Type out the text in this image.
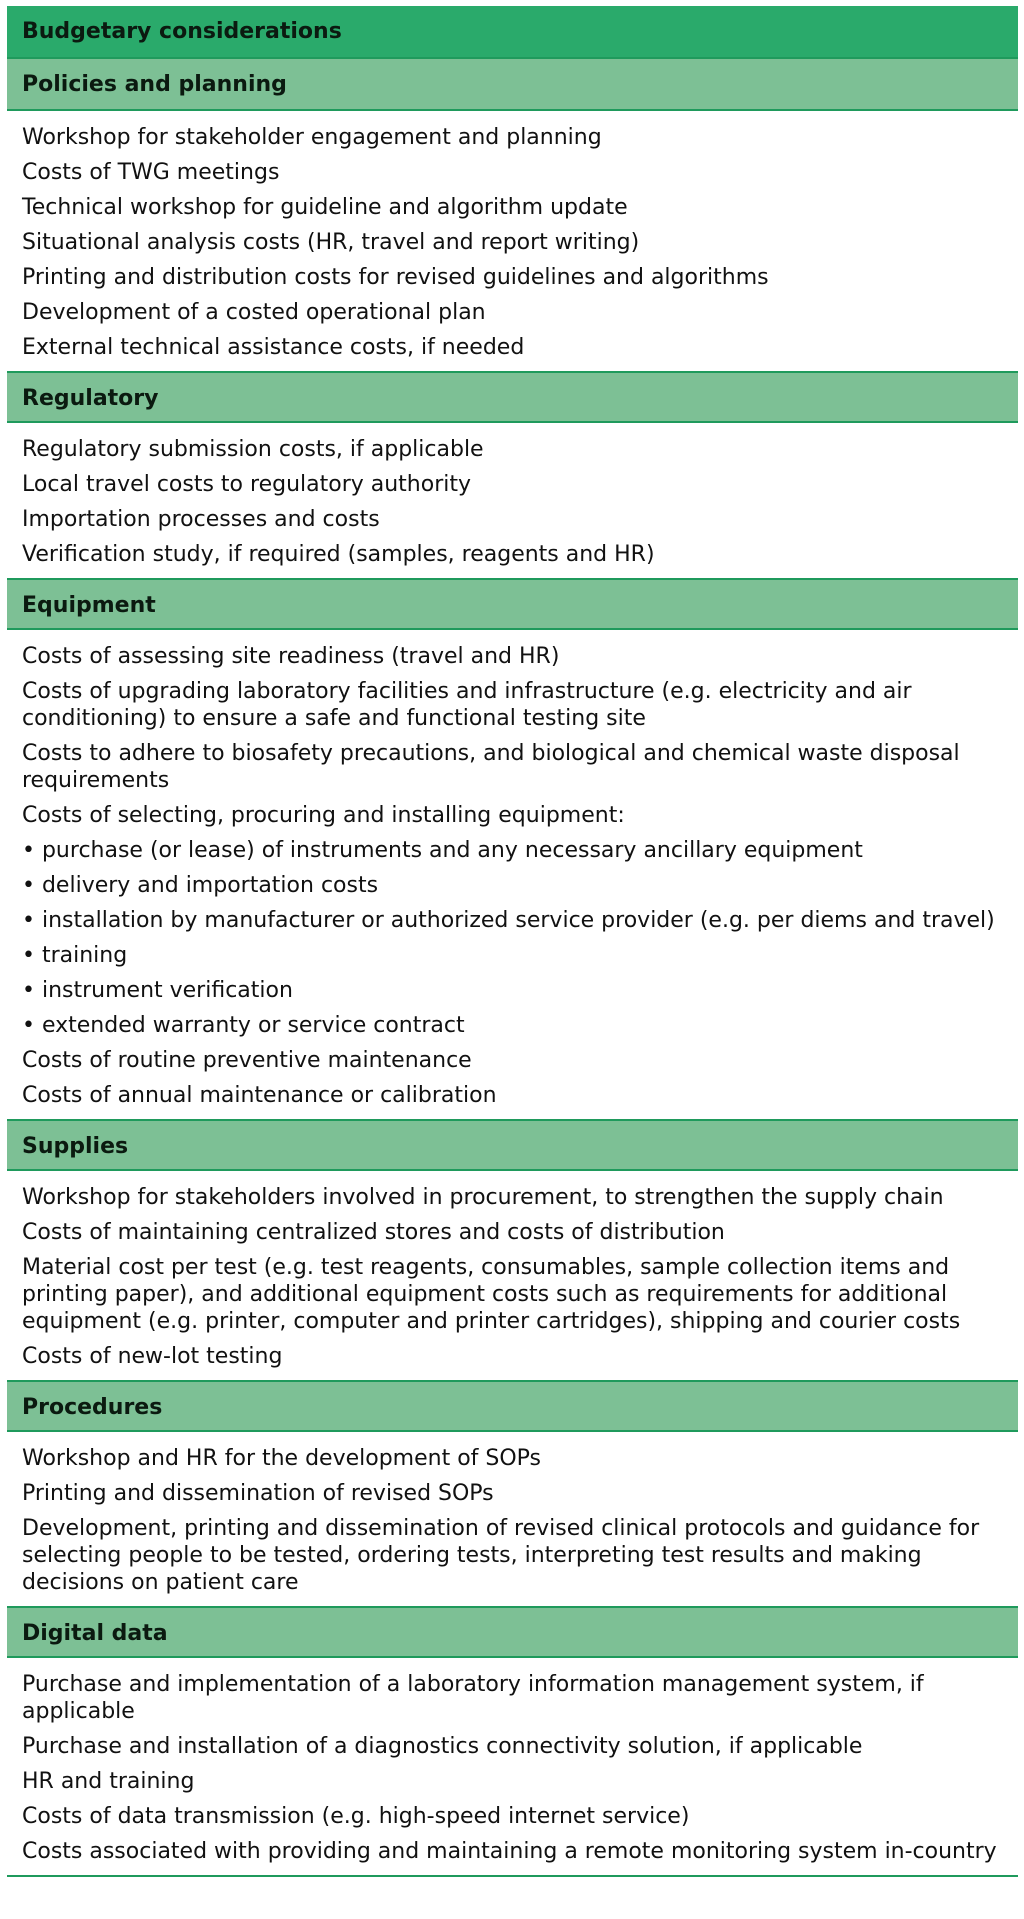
Budgetary considerations
Policies and planning
Workshop for stakeholder engagement and planning
Costs of TWG meetings
Technical workshop for guideline and algorithm update
Situational analysis costs (HR, travel and report writing)
Printing and distribution costs for revised guidelines and algorithms
Development of a costed operational plan
External technical assistance costs, if needed
Regulatory
Regulatory submission costs, if applicable
Local travel costs to regulatory authority
Importation processes and costs
Verification study, if required (samples, reagents and HR)
Equipment
Costs of assessing site readiness (travel and HR)
Costs of upgrading laboratory facilities and infrastructure (e.g. electricity and air conditioning) to ensure a safe and functional testing site
Costs to adhere to biosafety precautions, and biological and chemical waste disposal requirements
Costs of selecting, procuring and installing equipment:
• purchase (or lease) of instruments and any necessary ancillary equipment
• delivery and importation costs
• installation by manufacturer or authorized service provider (e.g. per diems and travel)
• training
• instrument verification
• extended warranty or service contract
Costs of routine preventive maintenance
Costs of annual maintenance or calibration
Supplies
Workshop for stakeholders involved in procurement, to strengthen the supply chain
Costs of maintaining centralized stores and costs of distribution
Material cost per test (e.g. test reagents, consumables, sample collection items and printing paper), and additional equipment costs such as requirements for additional equipment (e.g. printer, computer and printer cartridges), shipping and courier costs
Costs of new-lot testing
Procedures
Workshop and HR for the development of SOPs
Printing and dissemination of revised SOPs
Development, printing and dissemination of revised clinical protocols and guidance for selecting people to be tested, ordering tests, interpreting test results and making decisions on patient care
Digital data
Purchase and implementation of a laboratory information management system, if applicable
Purchase and installation of a diagnostics connectivity solution, if applicable
HR and training
Costs of data transmission (e.g. high-speed internet service)
Costs associated with providing and maintaining a remote monitoring system in-country
